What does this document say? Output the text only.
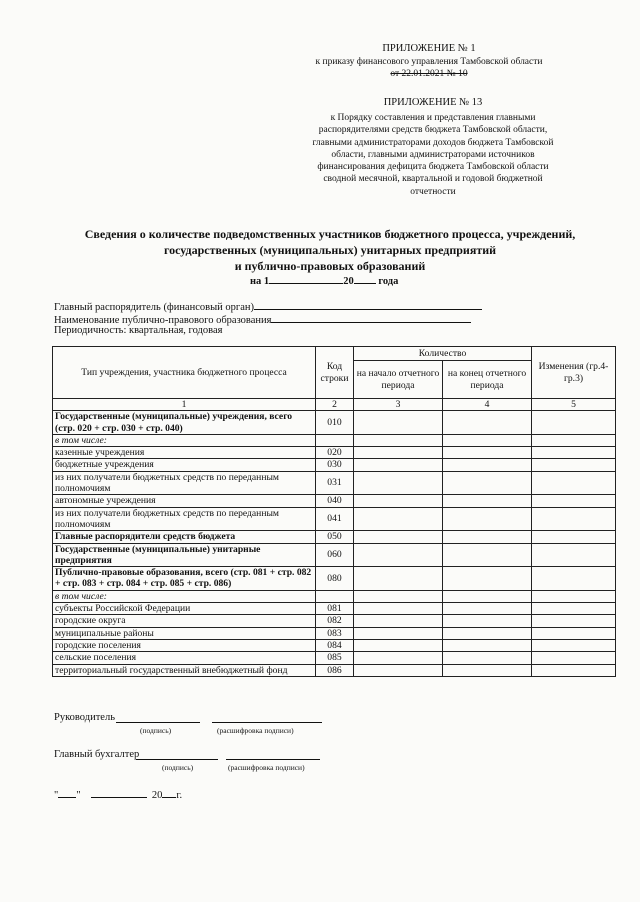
ПРИЛОЖЕНИЕ № 1
к приказу финансового управления Тамбовской области
от 22.01.2021 № 10
ПРИЛОЖЕНИЕ № 13
к Порядку составления и представления главными
распорядителями средств бюджета Тамбовской области,
главными администраторами доходов бюджета Тамбовской
области, главными администраторами источников
финансирования дефицита бюджета Тамбовской области
сводной месячной, квартальной и годовой бюджетной
отчетности
Сведения о количестве подведомственных участников бюджетного процесса, учреждений,
государственных (муниципальных) унитарных предприятий
и публично-правовых образований
на 1	20 года
Главный распорядитель (финансовый орган)
Наименование публично-правового образования
Периодичность: квартальная, годовая
Тип учреждения, участника бюджетного процесса	Код строки	Количество		Изменения (гр.4-гр.3)
		на начало отчетного периода	на конец отчетного периода	
1	2	3	4	5
Государственные (муниципальные) учреждения, всего (стр. 020 + стр. 030 + стр. 040)	010			
в том числе:				
казенные учреждения	020			
бюджетные учреждения	030			
из них получатели бюджетных средств по переданным полномочиям	031			
автономные учреждения	040			
из них получатели бюджетных средств по переданным полномочиям	041			
Главные распорядители средств бюджета	050			
Государственные (муниципальные) унитарные предприятия	060			
Публично-правовые образования, всего (стр. 081 + стр. 082 + стр. 083 + стр. 084 + стр. 085 + стр. 086)	080			
в том числе:				
субъекты Российской Федерации	081			
городские округа	082			
муниципальные районы	083			
городские поселения	084			
сельские поселения	085			
территориальный государственный внебюджетный фонд	086			
Руководитель
(подпись)	(расшифровка подписи)
Главный бухгалтер
(подпись)	(расшифровка подписи)
" "	20 г.
